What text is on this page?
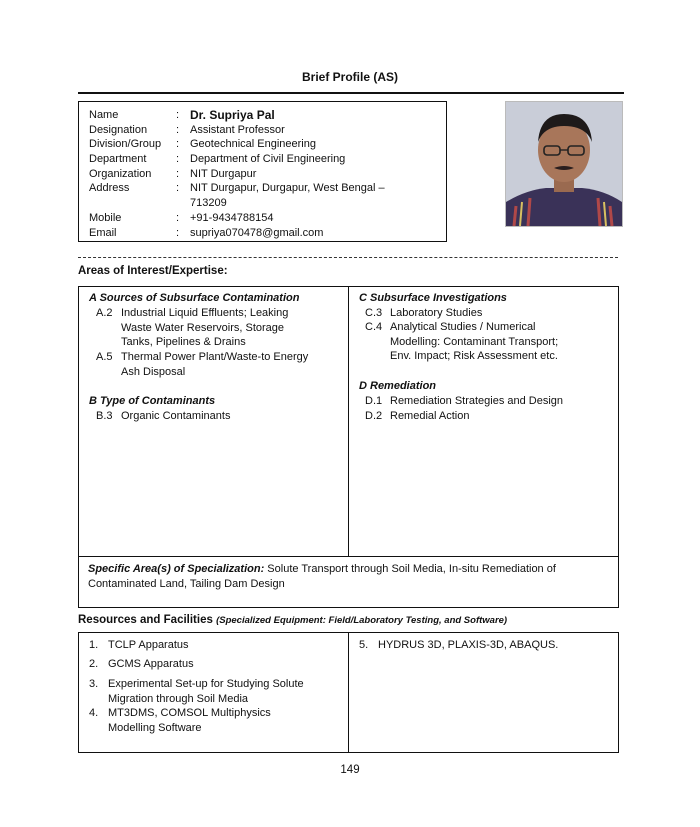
Brief Profile (AS)
Name	: Dr. Supriya Pal
Designation	: Assistant Professor
Division/Group : Geotechnical Engineering
Department	: Department of Civil Engineering
Organization : NIT Durgapur
Address	: NIT Durgapur, Durgapur, West Bengal –
713209
Mobile	: +91-9434788154
Email	: supriya070478@gmail.com
Areas of Interest/Expertise:
A Sources of Subsurface Contamination
A.2 Industrial Liquid Effluents; Leaking
Waste Water Reservoirs, Storage
Tanks, Pipelines & Drains
A.5 Thermal Power Plant/Waste-to Energy
Ash Disposal
B Type of Contaminants
B.3 Organic Contaminants
C Subsurface Investigations
C.3 Laboratory Studies
C.4 Analytical Studies / Numerical
Modelling: Contaminant Transport;
Env. Impact; Risk Assessment etc.
D Remediation
D.1 Remediation Strategies and Design
D.2 Remedial Action
Specific Area(s) of Specialization: Solute Transport through Soil Media, In-situ Remediation of Contaminated Land, Tailing Dam Design
Resources and Facilities (Specialized Equipment: Field/Laboratory Testing, and Software)
1. TCLP Apparatus
2. GCMS Apparatus
3. Experimental Set-up for Studying Solute
Migration through Soil Media
4. MT3DMS, COMSOL Multiphysics
Modelling Software
5. HYDRUS 3D, PLAXIS-3D, ABAQUS.
149
